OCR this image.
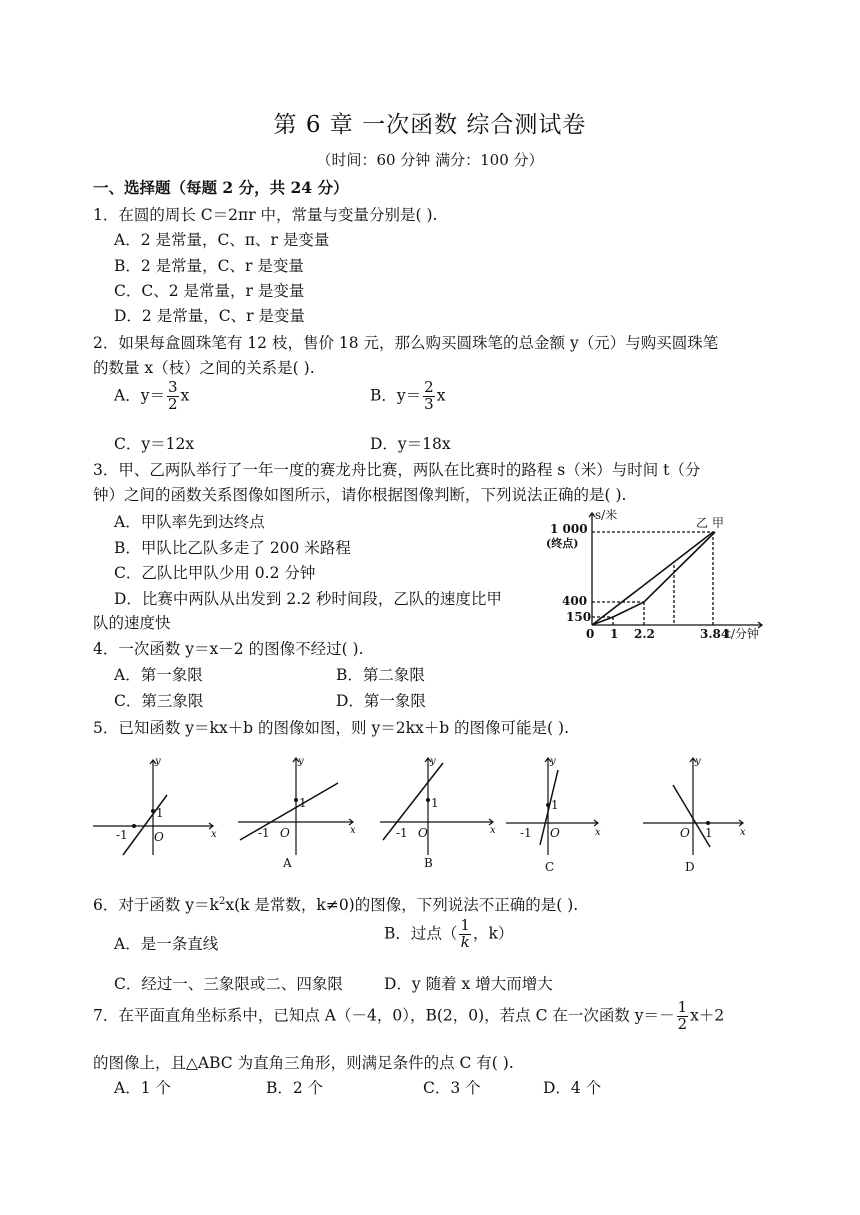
第 6 章 一次函数 综合测试卷
（时间：60 分钟 满分：100 分）
一、选择题（每题 2 分，共 24 分）
1．在圆的周长 C＝2πr 中，常量与变量分别是( ).
A．2 是常量，C、π、r 是变量
B．2 是常量，C、r 是变量
C．C、2 是常量，r 是变量
D．2 是常量，C、r 是变量
2．如果每盒圆珠笔有 12 枝，售价 18 元，那么购买圆珠笔的总金额 y（元）与购买圆珠笔
的数量 x（枝）之间的关系是( ).
A．$y= \frac{3}{2}$ x	B．$y= \frac{2}{3}$ x
C．y＝12x	D．y＝18x
3．甲、乙两队举行了一年一度的赛龙舟比赛，两队在比赛时的路程 s（米）与时间 t（分
钟）之间的函数关系图像如图所示，请你根据图像判断，下列说法正确的是( ).
A．甲队率先到达终点
B．甲队比乙队多走了 200 米路程
C．乙队比甲队少用 0.2 分钟
D．比赛中两队从出发到 2.2 秒时间段，乙队的速度比甲
队的速度快
s/米
t/分钟
1 000
(终点)
400
150
0 1 2.2	3.84
乙 甲
4．一次函数 y＝x－2 的图像不经过( ).
A．第一象限	B．第二象限
C．第三象限	D．第一象限
5．已知函数 y＝kx＋b 的图像如图，则 y＝2kx＋b 的图像可能是( ).
y
x
O
1
-1
y
x
O
1
-1
A
y
x
O
1
-1
B
y
x
O
1
-1
C
y
x
O 1
D
6．对于函数 $y=k^2x(k$ 是常数，k≠0)的图像，下列说法不正确的是( ).
A．是一条直线
B．过点（ $\frac{1}{k}$ ，k）
C．经过一、三象限或二、四象限	D．y 随着 x 增大而增大
7．在平面直角坐标系中，已知点 A（－4，0），B(2，0)，若点 C 在一次函数 $y=- \frac{1}{2} x+2$
的图像上，且△ABC 为直角三角形，则满足条件的点 C 有( ).
A．1 个	B．2 个	C．3 个	D．4 个
